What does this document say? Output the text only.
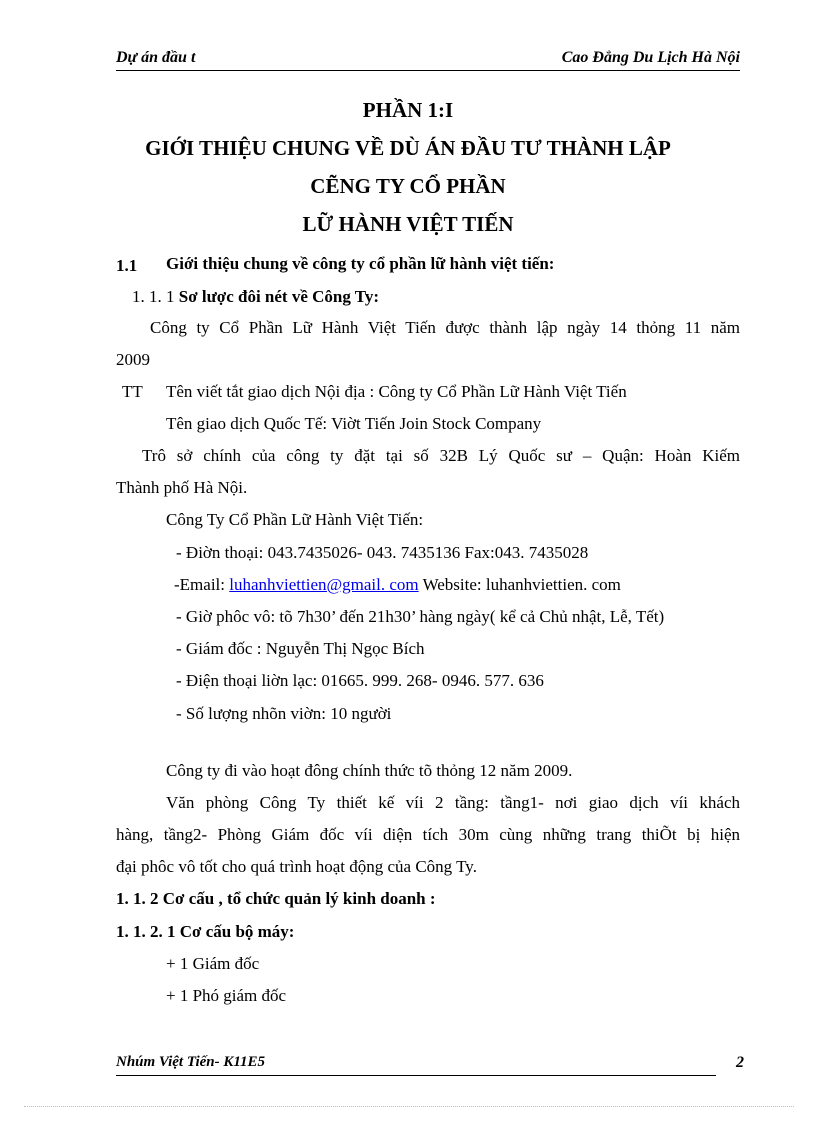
Dự án đầu t	Cao Đẳng Du Lịch Hà Nội
PHẦN 1:I
GIỚI THIỆU CHUNG VỀ DÙ ÁN ĐẦU TƯ THÀNH LẬP
CẼNG TY CỔ PHẦN
LỮ HÀNH VIỆT TIẾN
1.1 Giới thiệu chung về công ty cổ phần lữ hành việt tiến:
1. 1. 1 Sơ lược đôi nét về Công Ty:
Công ty Cổ Phần Lữ Hành Việt Tiến được thành lập ngày 14 thỏng 11 năm
2009
TT Tên viết tắt giao dịch Nội địa : Công ty Cổ Phần Lữ Hành Việt Tiến
Tên giao dịch Quốc Tế: Viờt Tiến Join Stock Company
Trô sở chính của công ty đặt tại số 32B Lý Quốc sư – Quận: Hoàn Kiếm
Thành phố Hà Nội.
Công Ty Cổ Phần Lữ Hành Việt Tiến:
- Điờn thoại: 043.7435026- 043. 7435136 Fax:043. 7435028
-Email: luhanhviettien@gmail. com Website: luhanhviettien. com
- Giờ phôc vô: tõ 7h30’ đến 21h30’ hàng ngày( kể cả Chủ nhật, Lễ, Tết)
- Giám đốc : Nguyễn Thị Ngọc Bích
- Điện thoại liờn lạc: 01665. 999. 268- 0946. 577. 636
- Số lượng nhõn viờn: 10 người
Công ty đi vào hoạt đông chính thức tõ thỏng 12 năm 2009.
Văn phòng Công Ty thiết kế víi 2 tầng: tầng1- nơi giao dịch víi khách
hàng, tầng2- Phòng Giám đốc víi diện tích 30m cùng những trang thiÕt bị hiện
đại phôc vô tốt cho quá trình hoạt động của Công Ty.
1. 1. 2 Cơ cấu , tổ chức quản lý kinh doanh :
1. 1. 2. 1 Cơ cấu bộ máy:
+ 1 Giám đốc
+ 1 Phó giám đốc
Nhúm Việt Tiến- K11E5	2
